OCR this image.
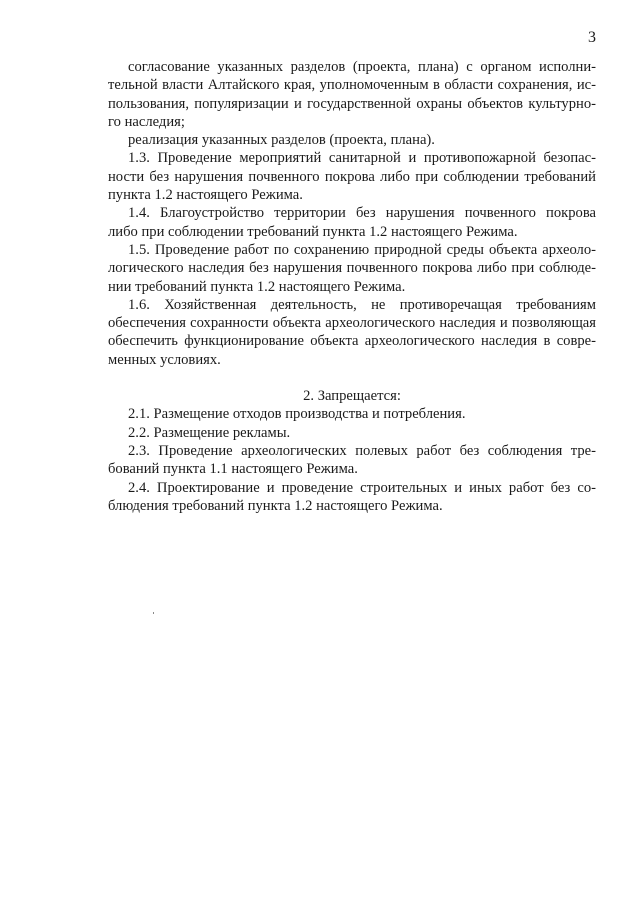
3
согласование указанных разделов (проекта, плана) с органом исполни-
тельной власти Алтайского края, уполномоченным в области сохранения, ис-
пользования, популяризации и государственной охраны объектов культурно-
го наследия;
реализация указанных разделов (проекта, плана).
1.3. Проведение мероприятий санитарной и противопожарной безопас-
ности без нарушения почвенного покрова либо при соблюдении требований
пункта 1.2 настоящего Режима.
1.4. Благоустройство территории без нарушения почвенного покрова
либо при соблюдении требований пункта 1.2 настоящего Режима.
1.5. Проведение работ по сохранению природной среды объекта археоло-
логического наследия без нарушения почвенного покрова либо при соблюде-
нии требований пункта 1.2 настоящего Режима.
1.6. Хозяйственная деятельность, не противоречащая требованиям
обеспечения сохранности объекта археологического наследия и позволяющая
обеспечить функционирование объекта археологического наследия в совре-
менных условиях.
2. Запрещается:
2.1. Размещение отходов производства и потребления.
2.2. Размещение рекламы.
2.3. Проведение археологических полевых работ без соблюдения тре-
бований пункта 1.1 настоящего Режима.
2.4. Проектирование и проведение строительных и иных работ без со-
блюдения требований пункта 1.2 настоящего Режима.
